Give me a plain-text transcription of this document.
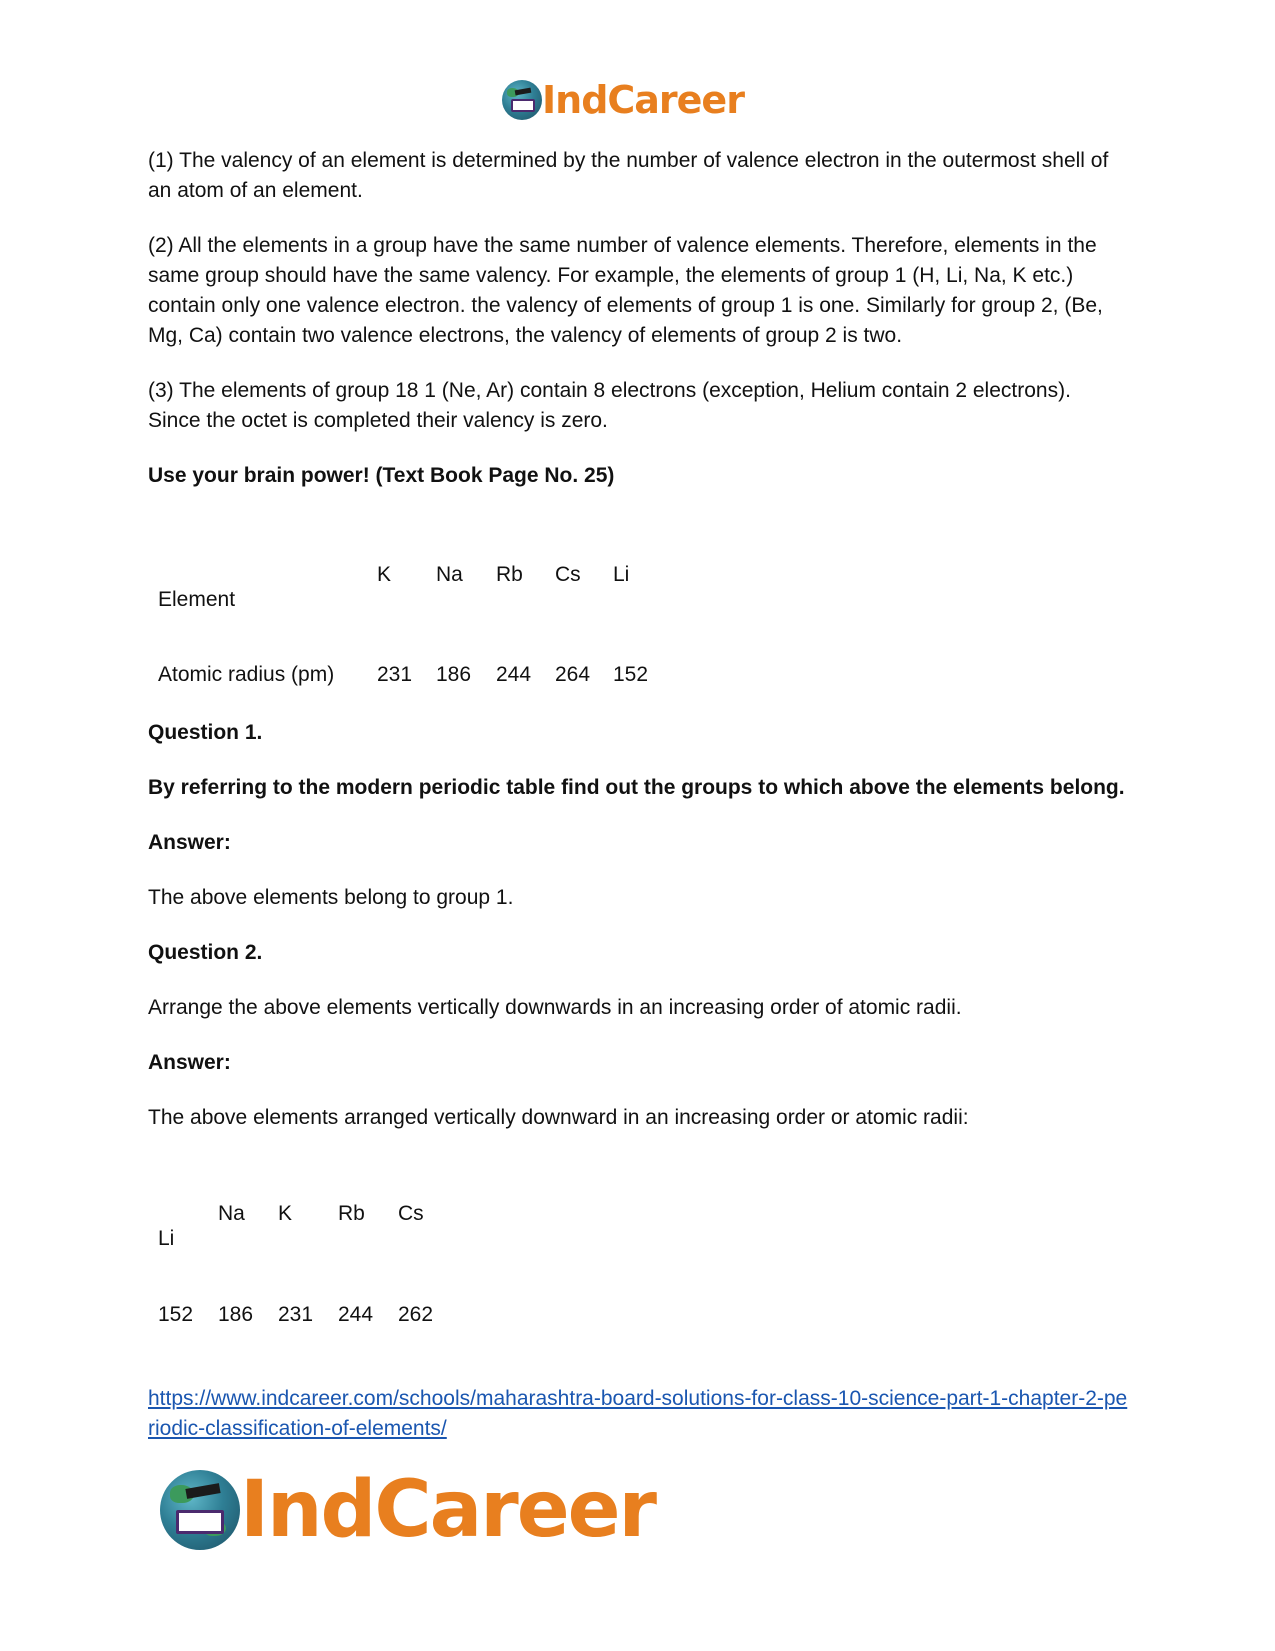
IndCareer

(1) The valency of an element is determined by the number of valence electron in the outermost shell of an atom of an element.

(2) All the elements in a group have the same number of valence elements. Therefore, elements in the same group should have the same valency. For example, the elements of group 1 (H, Li, Na, K etc.) contain only one valence electron. the valency of elements of group 1 is one. Similarly for group 2, (Be, Mg, Ca) contain two valence electrons, the valency of elements of group 2 is two.

(3) The elements of group 18 1 (Ne, Ar) contain 8 electrons (exception, Helium contain 2 electrons). Since the octet is completed their valency is zero.

Use your brain power! (Text Book Page No. 25)

Element
K Na Rb Cs Li
Atomic radius (pm) 231 186 244 264 152

Question 1.

By referring to the modern periodic table find out the groups to which above the elements belong.

Answer:

The above elements belong to group 1.

Question 2.

Arrange the above elements vertically downwards in an increasing order of atomic radii.

Answer:

The above elements arranged vertically downward in an increasing order or atomic radii:

Li
Na K Rb Cs
152 186 231 244 262
https://www.indcareer.com/schools/maharashtra-board-solutions-for-class-10-science-part-1-chapter-2-periodic-classification-of-elements/
IndCareer
